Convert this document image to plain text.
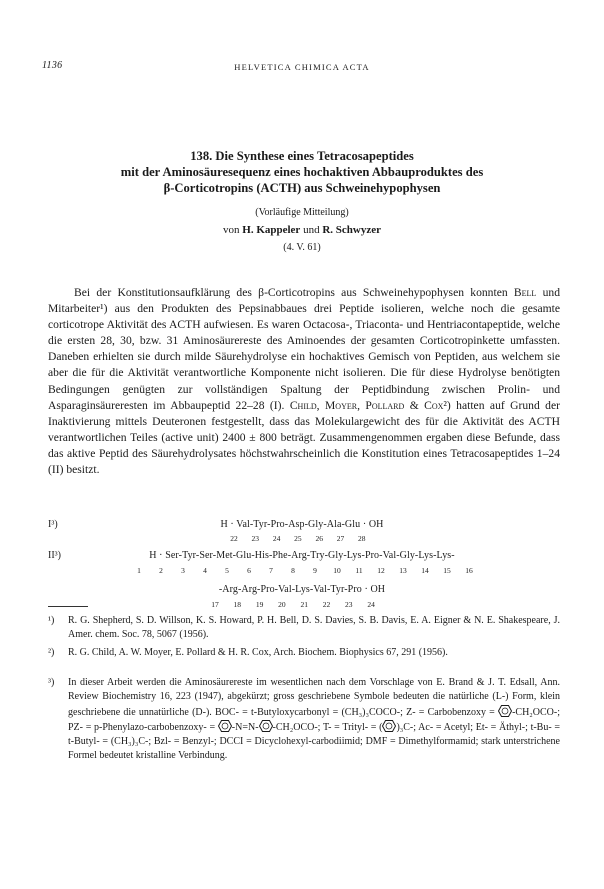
1136	HELVETICA CHIMICA ACTA
138. Die Synthese eines Tetracosapeptides
mit der Aminosäuresequenz eines hochaktiven Abbauproduktes des
β-Corticotropins (ACTH) aus Schweinehypophysen
(Vorläufige Mitteilung)
von H. Kappeler und R. Schwyzer
(4. V. 61)

Bei der Konstitutionsaufklärung des β-Corticotropins aus Schweinehypophysen konnten Bell und Mitarbeiter¹) aus den Produkten des Pepsinabbaues drei Peptide isolieren, welche noch die gesamte corticotrope Aktivität des ACTH aufwiesen. Es waren Octacosa-, Triaconta- und Hentriacontapeptide, welche die ersten 28, 30, bzw. 31 Aminosäurereste des Aminoendes der gesamten Corticotropinkette umfassten. Daneben erhielten sie durch milde Säurehydrolyse ein hochaktives Gemisch von Peptiden, aus welchem sie aber die für die Aktivität verantwortliche Komponente nicht isolieren. Die für diese Hydrolyse benötigten Bedingungen genügten zur vollständigen Spaltung der Peptidbindung zwischen Prolin- und Asparaginsäureresten im Abbaupeptid 22–28 (I). Child, Moyer, Pollard & Cox²) hatten auf Grund der Inaktivierung mittels Deuteronen festgestellt, dass das Molekulargewicht des für die Aktivität des ACTH verantwortlichen Teiles (active unit) 2400 ± 800 beträgt. Zusammengenommen ergaben diese Befunde, dass das aktive Peptid des Säurehydrolysates höchstwahrscheinlich die Konstitution eines Tetracosapeptides 1–24 (II) besitzt.

I³)	H · Val-Tyr-Pro-Asp-Gly-Ala-Glu · OH
22	23	24	25	26	27	28
II³)	H · Ser-Tyr-Ser-Met-Glu-His-Phe-Arg-Try-Gly-Lys-Pro-Val-Gly-Lys-Lys-
1	2	3	4	5	6	7	8	9	10	11	12	13	14	15	16
-Arg-Arg-Pro-Val-Lys-Val-Tyr-Pro · OH
17	18	19	20	21	22	23	24
¹) R. G. Shepherd, S. D. Willson, K. S. Howard, P. H. Bell, D. S. Davies, S. B. Davis, E. A. Eigner & N. E. Shakespeare, J. Amer. chem. Soc. 78, 5067 (1956).
²) R. G. Child, A. W. Moyer, E. Pollard & H. R. Cox, Arch. Biochem. Biophysics 67, 291 (1956).
³) In dieser Arbeit werden die Aminosäurereste im wesentlichen nach dem Vorschlage von E. Brand & J. T. Edsall, Ann. Review Biochemistry 16, 223 (1947), abgekürzt; gross geschriebene Symbole bedeuten die natürliche (L-) Form, klein geschriebene die unnatürliche (D-). BOC- = t-Butyloxycarbonyl = (CH₃)₃COCO-; Z- = Carbobenzoxy = -CH₂OCO-; PZ- = p-Phenylazo-carbobenzoxy- = -N=N- -CH₂OCO-; T- = Trityl- = ( )₃C-; Ac- = Acetyl; Et- = Äthyl-; t-Bu- = t-Butyl- = (CH₃)₃C-; Bzl- = Benzyl-; DCCI = Dicyclohexyl-carbodiimid; DMF = Dimethylformamid; stark unterstrichene Formel bedeutet kristalline Verbindung.
